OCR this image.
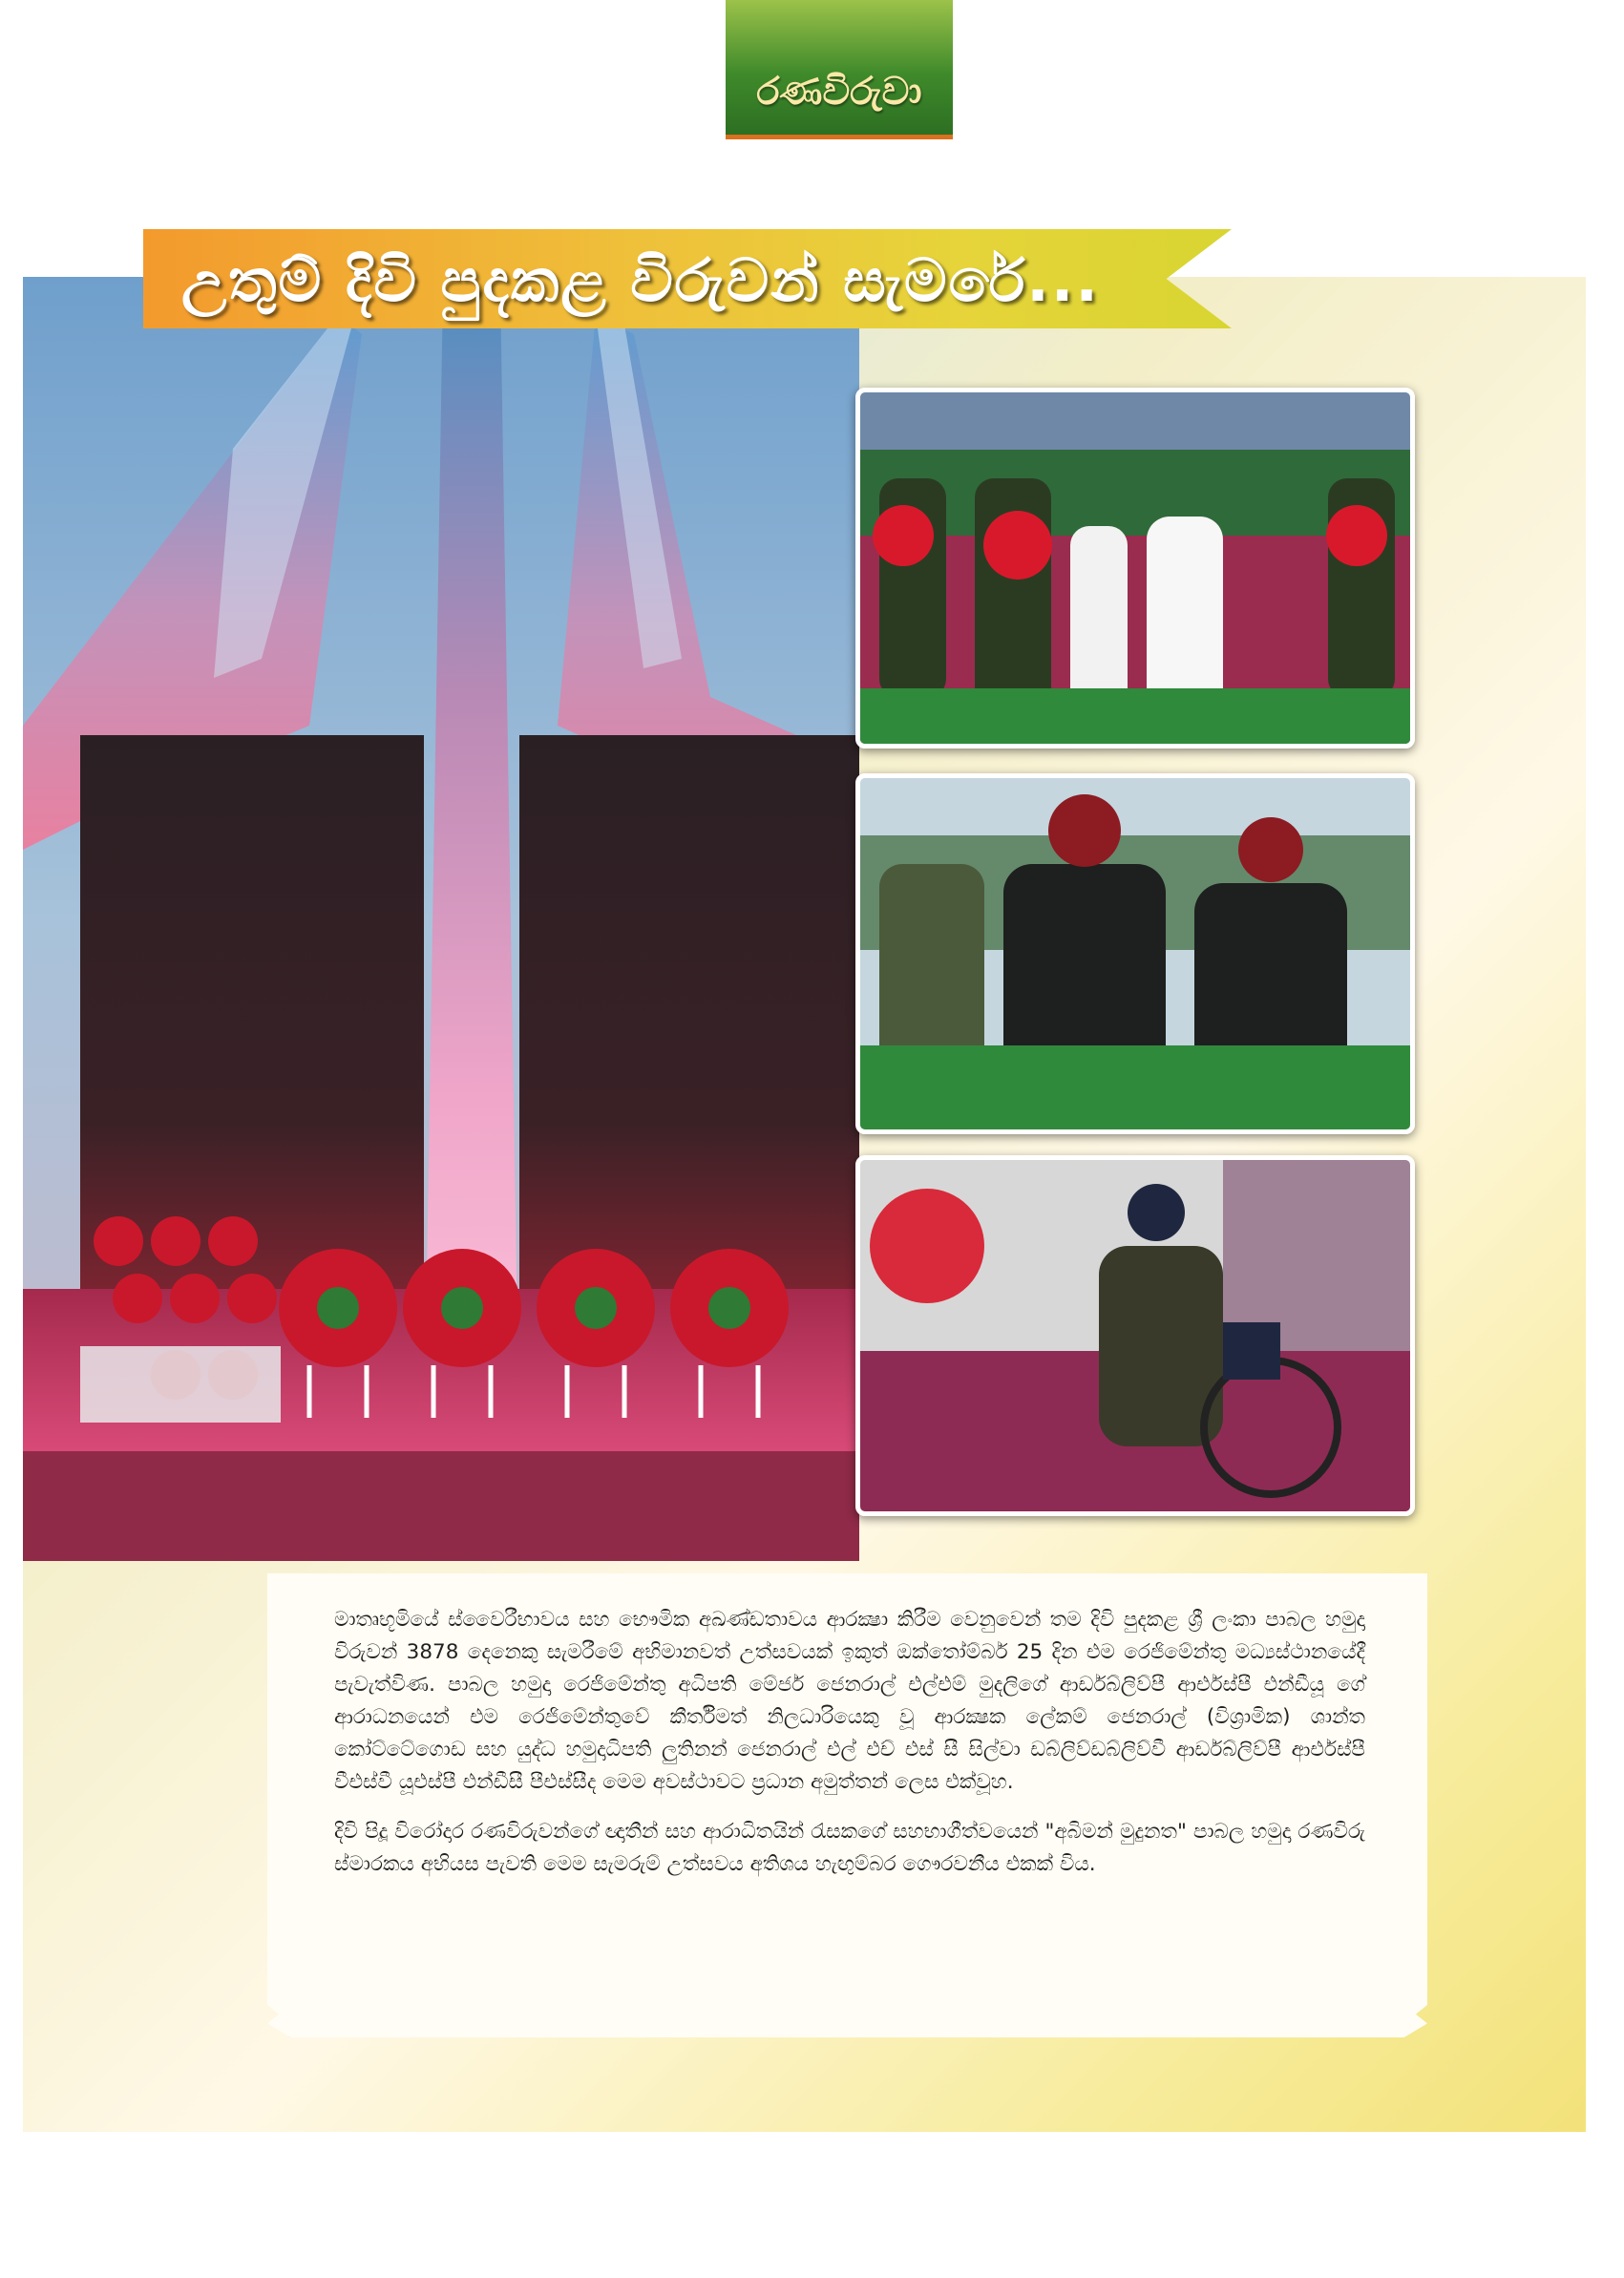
රණවිරුවා
උතුම් දිවි පුදකළ විරුවන් සැමරේ...

මාතෘභූමියේ ස්වෛරීභාවය සහ භෞමික අඛණ්ඩතාවය ආරක්‍ෂා කිරීම වෙනුවෙන් තම දිවි පුදකළ ශ්‍රී ලංකා පාබල හමුදා විරුවන් 3878 දෙනෙකු සැමරීමේ අභිමානවත් උත්සවයක් ඉකුත් ඔක්තෝම්බර් 25 දින එම රෙජිමේන්තු මධ්‍යස්ථානයේදී පැවැත්විණ. පාබල හමුදා රෙජිමේන්තු අධිපති මේජර් ජෙනරාල් එල්එම් මුදලිගේ ආර්ඩබ්ලිව්පී ආර්එස්පී එන්ඩීයූ ගේ ආරාධනයෙන් එම රෙජිමේන්තුවේ කීර්තිමත් නිලධාරියෙකු වූ ආරක්‍ෂක ලේකම් ජෙනරාල් (විශ්‍රාමික) ශාන්ත කෝට්ටේගොඩ සහ යුද්ධ හමුදාධිපති ලුතිනන් ජෙනරාල් එල් එච් එස් සී සිල්වා ඩබ්ලිව්ඩබ්ලිව්වී ආර්ඩබ්ලිව්පී ආර්එස්පී වීඑස්වී යූඑස්පී එන්ඩීසී පීඑස්සීද මෙම අවස්ථාවට ප්‍රධාන අමුත්තන් ලෙස එක්වූහ.

දිවි පිදූ විරෝදාර රණවිරුවන්ගේ ඥාතීන් සහ ආරාධිතයින් රැසකගේ සහභාගීත්වයෙන් "අබිමන් මුදුනත" පාබල හමුදා රණවිරු ස්මාරකය අභියස පැවති මෙම සැමරුම් උත්සවය අතිශය හැඟුම්බර ගෞරවනීය එකක් විය.
